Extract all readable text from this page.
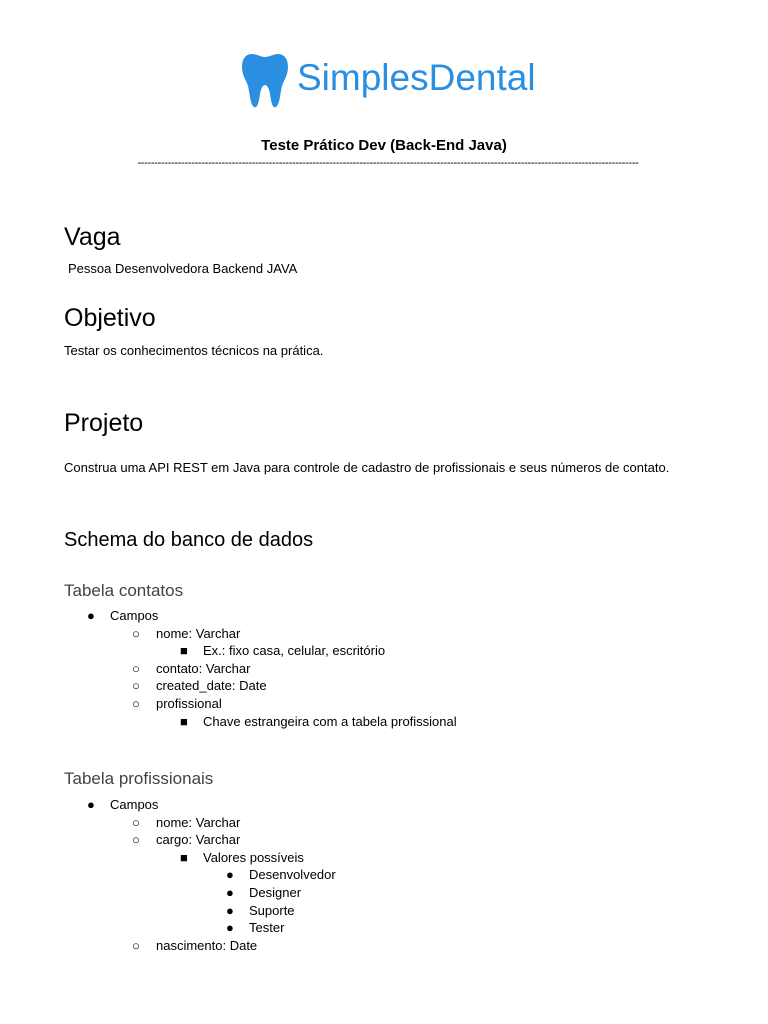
SimplesDental
Teste Prático Dev (Back-End Java)
-----------------------------------------------------------------------------------------------------------------------------------------------------
Vaga
Pessoa Desenvolvedora Backend JAVA
Objetivo
Testar os conhecimentos técnicos na prática.
Projeto
Construa uma API REST em Java para controle de cadastro de profissionais e seus números de contato.
Schema do banco de dados
Tabela contatos
● Campos
○ nome: Varchar
■ Ex.: fixo casa, celular, escritório
○ contato: Varchar
○ created_date: Date
○ profissional
■ Chave estrangeira com a tabela profissional
Tabela profissionais
● Campos
○ nome: Varchar
○ cargo: Varchar
■ Valores possíveis
● Desenvolvedor
● Designer
● Suporte
● Tester
○ nascimento: Date
